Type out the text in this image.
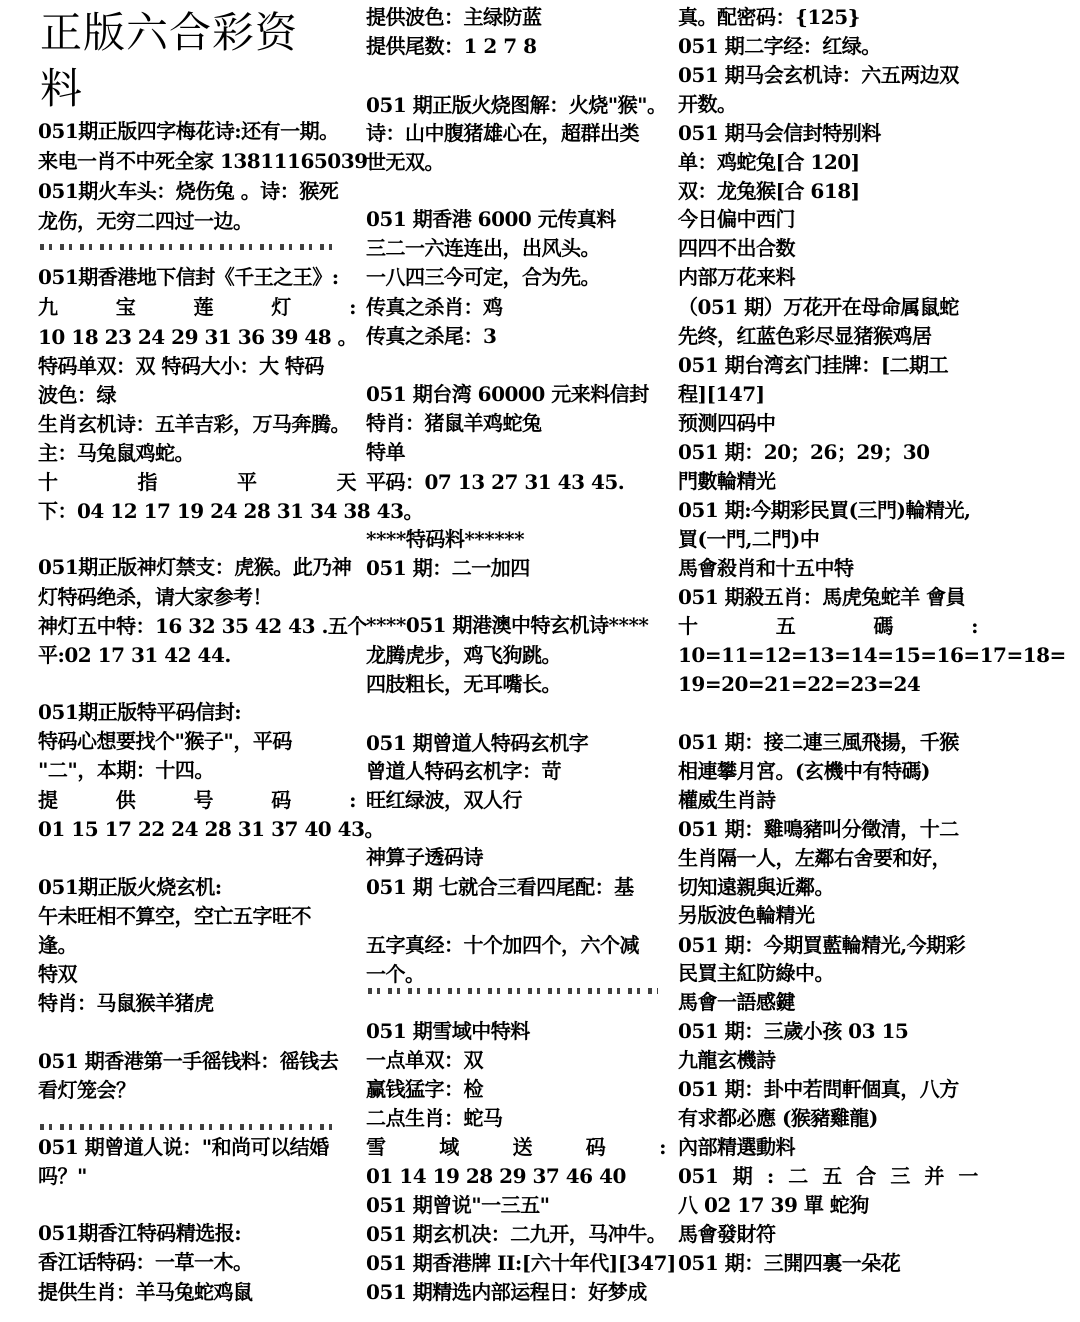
正版六合彩资料
051期正版四字梅花诗:还有一期。
来电一肖不中死全家 13811165039
051期火车头：烧伤兔 。诗：猴死
龙伤，无穷二四过一边。
051期香港地下信封《千王之王》:
九	宝	莲	灯	:
10 18 23 24 29 31 36 39 48 。
特码单双：双 特码大小：大 特码
波色：绿
生肖玄机诗：五羊吉彩，万马奔腾。
主：马兔鼠鸡蛇。
十	指	平	天
下：04 12 17 19 24 28 31 34 38 43。
051期正版神灯禁支：虎猴。此乃神
灯特码绝杀，请大家参考！
神灯五中特：16 32 35 42 43 .五个
平:02 17 31 42 44.
051期正版特平码信封:
特码心想要找个"猴子"，平码
"二"，本期：十四。
提	供	号	码	:
01 15 17 22 24 28 31 37 40 43。
051期正版火烧玄机:
午未旺相不算空，空亡五字旺不
逢。
特双
特肖：马鼠猴羊猪虎
051 期香港第一手徭钱料：徭钱去
看灯笼会？
051 期曾道人说："和尚可以结婚
吗？"
051期香江特码精选报:
香江话特码：一草一木。
提供生肖：羊马兔蛇鸡鼠
提供波色：主绿防蓝
提供尾数：1 2 7 8
051 期正版火烧图解：火烧"猴"。
诗：山中腹猪雄心在，超群出类
世无双。
051 期香港 6000 元传真料
三二一六连连出，出风头。
一八四三今可定，合为先。
传真之杀肖：鸡
传真之杀尾：3
051 期台湾 60000 元来料信封
特肖：猪鼠羊鸡蛇兔
特单
平码：07 13 27 31 43 45.
****特码料******
051 期：二一加四
****051 期港澳中特玄机诗****
龙腾虎步，鸡飞狗跳。
四肢粗长，无耳嘴长。
051 期曾道人特码玄机字
曾道人特码玄机字：苛
旺红绿波，双人行
神算子透码诗
051 期 七就合三看四尾配：基
五字真经：十个加四个，六个减
一个。
051 期雪域中特料
一点单双：双
赢钱猛字：检
二点生肖：蛇马
雪	域	送	码	:
01 14 19 28 29 37 46 40
051 期曾说"一三五"
051 期玄机决：二九开，马冲牛。
051 期香港牌 II:[六十年代][347]
051 期精选内部运程日：好梦成
真。配密码：{125}
051 期二字经：红绿。
051 期马会玄机诗：六五两边双
开数。
051 期马会信封特别料
单：鸡蛇兔[合 120]
双：龙兔猴[合 618]
今日偏中西门
四四不出合数
内部万花来料
（051 期）万花开在母命属鼠蛇
先终，红蓝色彩尽显猪猴鸡居
051 期台湾玄门挂牌：[二期工
程][147]
预测四码中
051 期：20；26；29；30
門數輪精光
051 期:今期彩民買(三門)輪精光,
買(一門,二門)中
馬會殺肖和十五中特
051 期殺五肖：馬虎兔蛇羊 會員
十	五	碼	:
10=11=12=13=14=15=16=17=18=
19=20=21=22=23=24
051 期：接二連三風飛揚，千猴
相連攀月宮。(玄機中有特碼)
權威生肖詩
051 期：雞鳴豬叫分徵清，十二
生肖隔一人，左鄰右舍要和好，
切知遠親與近鄰。
另版波色輪精光
051 期：今期買藍輪精光,今期彩
民買主紅防綠中。
馬會一語感鍵
051 期：三歲小孩 03 15
九龍玄機詩
051 期：卦中若問軒個真，八方
有求都必應 (猴豬雞龍)
內部精選動料
051 期 : 二 五 合 三 并 一
八 02 17 39 單 蛇狗
馬會發財符
051 期：三開四裏一朵花
